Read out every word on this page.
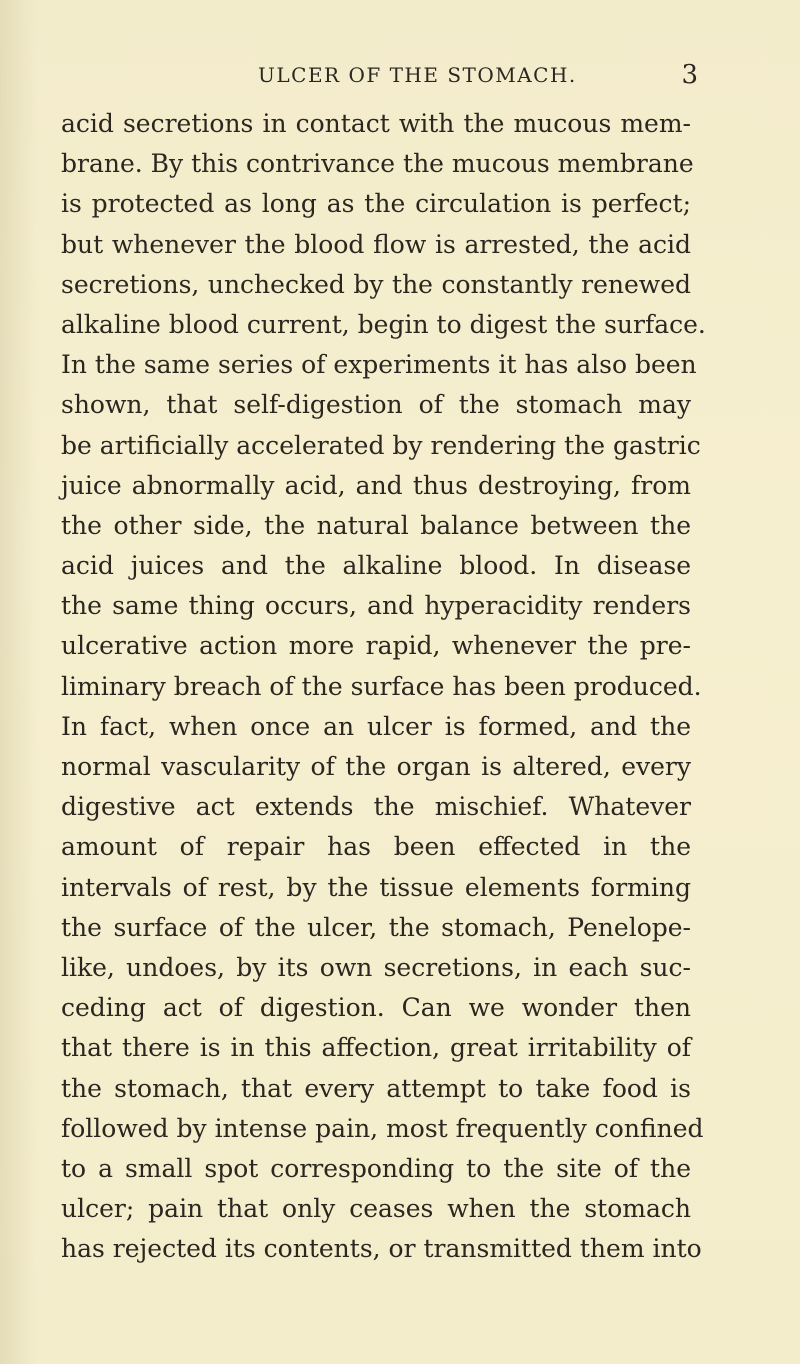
ULCER OF THE STOMACH.	3
acid secretions in contact with the mucous mem-
brane. By this contrivance the mucous membrane
is protected as long as the circulation is perfect;
but whenever the blood flow is arrested, the acid
secretions, unchecked by the constantly renewed
alkaline blood current, begin to digest the surface.
In the same series of experiments it has also been
shown, that self-digestion of the stomach may
be artificially accelerated by rendering the gastric
juice abnormally acid, and thus destroying, from
the other side, the natural balance between the
acid juices and the alkaline blood. In disease
the same thing occurs, and hyperacidity renders
ulcerative action more rapid, whenever the pre-
liminary breach of the surface has been produced.
In fact, when once an ulcer is formed, and the
normal vascularity of the organ is altered, every
digestive act extends the mischief. Whatever
amount of repair has been effected in the
intervals of rest, by the tissue elements forming
the surface of the ulcer, the stomach, Penelope-
like, undoes, by its own secretions, in each suc-
ceding act of digestion. Can we wonder then
that there is in this affection, great irritability of
the stomach, that every attempt to take food is
followed by intense pain, most frequently confined
to a small spot corresponding to the site of the
ulcer; pain that only ceases when the stomach
has rejected its contents, or transmitted them into
